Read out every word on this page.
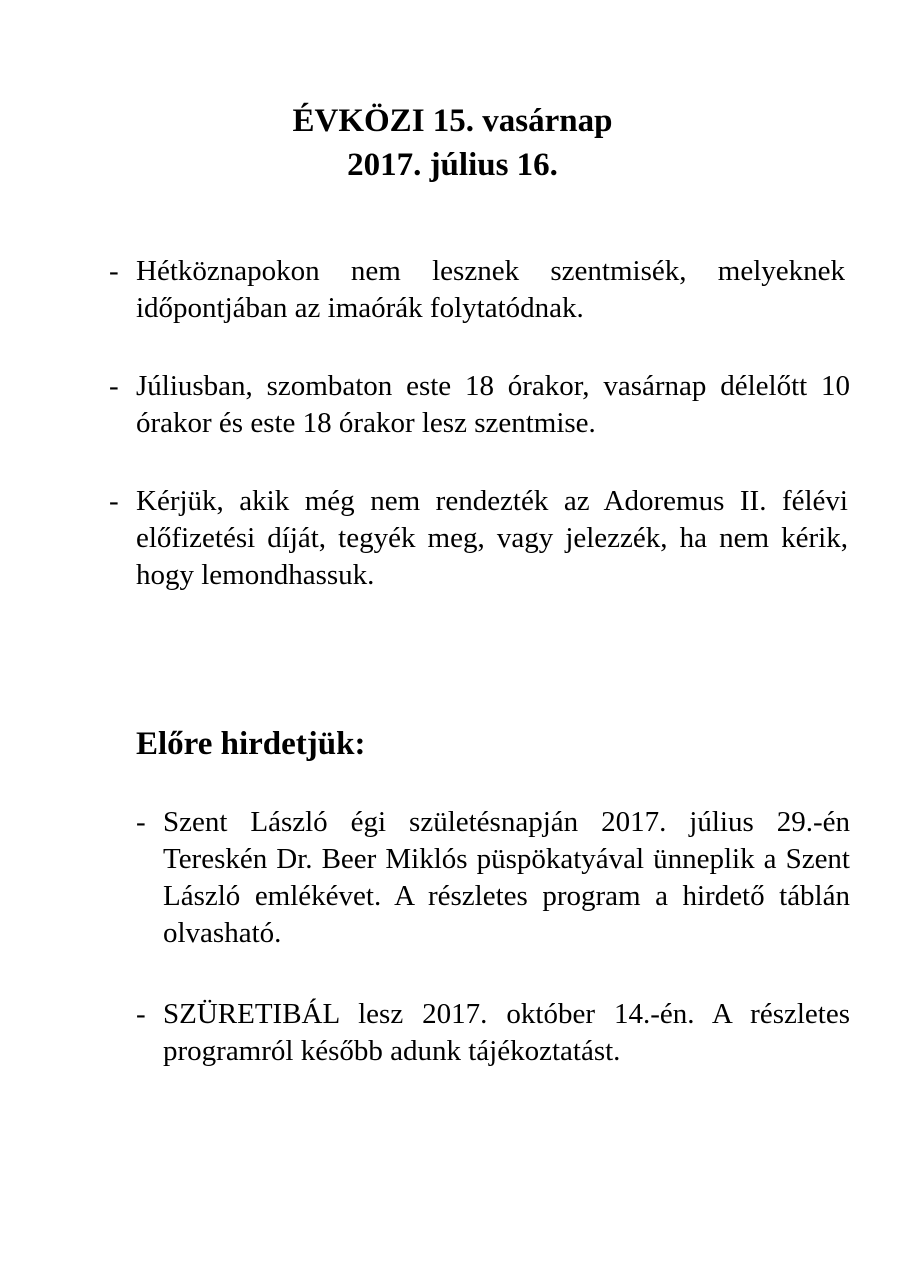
ÉVKÖZI 15. vasárnap
2017. július 16.

- Hétköznapokon nem lesznek szentmisék, melyeknek időpontjában az imaórák folytatódnak.

- Júliusban, szombaton este 18 órakor, vasárnap délelőtt 10 órakor és este 18 órakor lesz szentmise.

- Kérjük, akik még nem rendezték az Adoremus II. félévi előfizetési díját, tegyék meg, vagy jelezzék, ha nem kérik, hogy lemondhassuk.

Előre hirdetjük:

- Szent László égi születésnapján 2017. július 29.-én Tereskén Dr. Beer Miklós püspökatyával ünneplik a Szent László emlékévet. A részletes program a hirdető táblán olvasható.

- SZÜRETIBÁL lesz 2017. október 14.-én. A részletes programról később adunk tájékoztatást.
